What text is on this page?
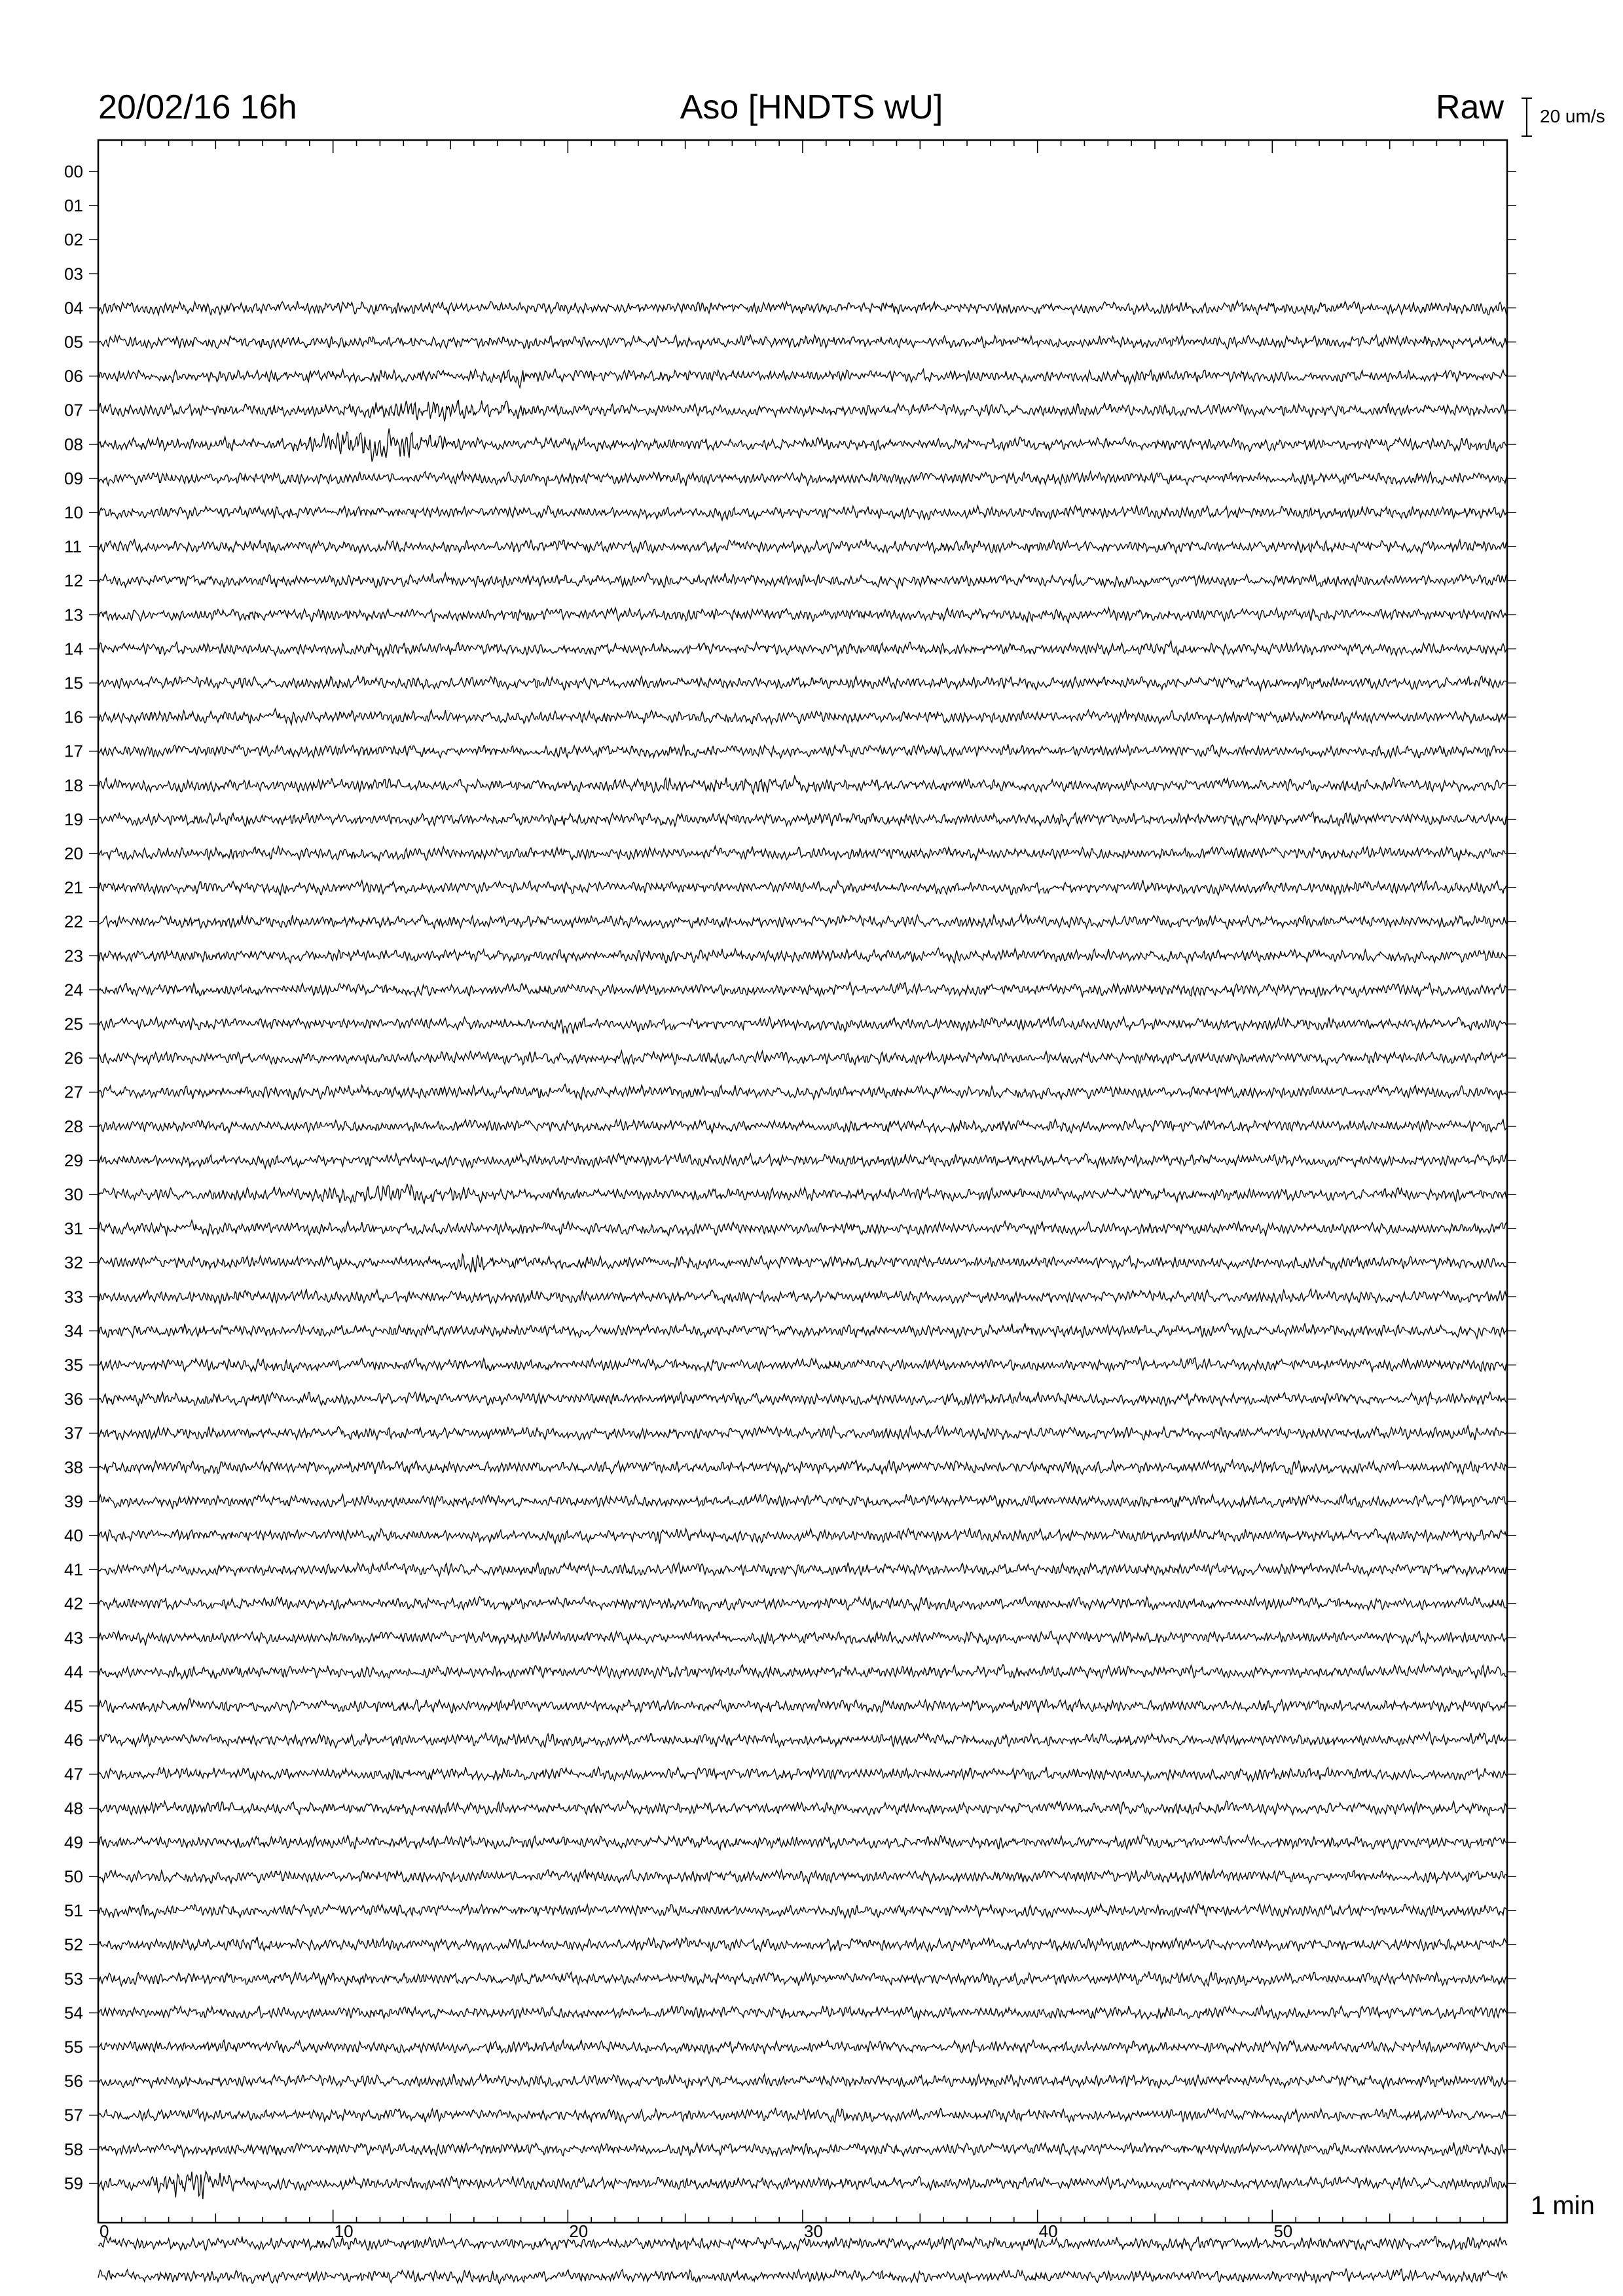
20/02/16 16h	Aso [HNDTS wU]	Raw 20 um/s
1 min
0	10	20	30	40	50
00
01
02
03
04
05
06
07
08
09
10
11
12
13
14
15
16
17
18
19
20
21
22
23
24
25
26
27
28
29
30
31
32
33
34
35
36
37
38
39
40
41
42
43
44
45
46
47
48
49
50
51
52
53
54
55
56
57
58
59
